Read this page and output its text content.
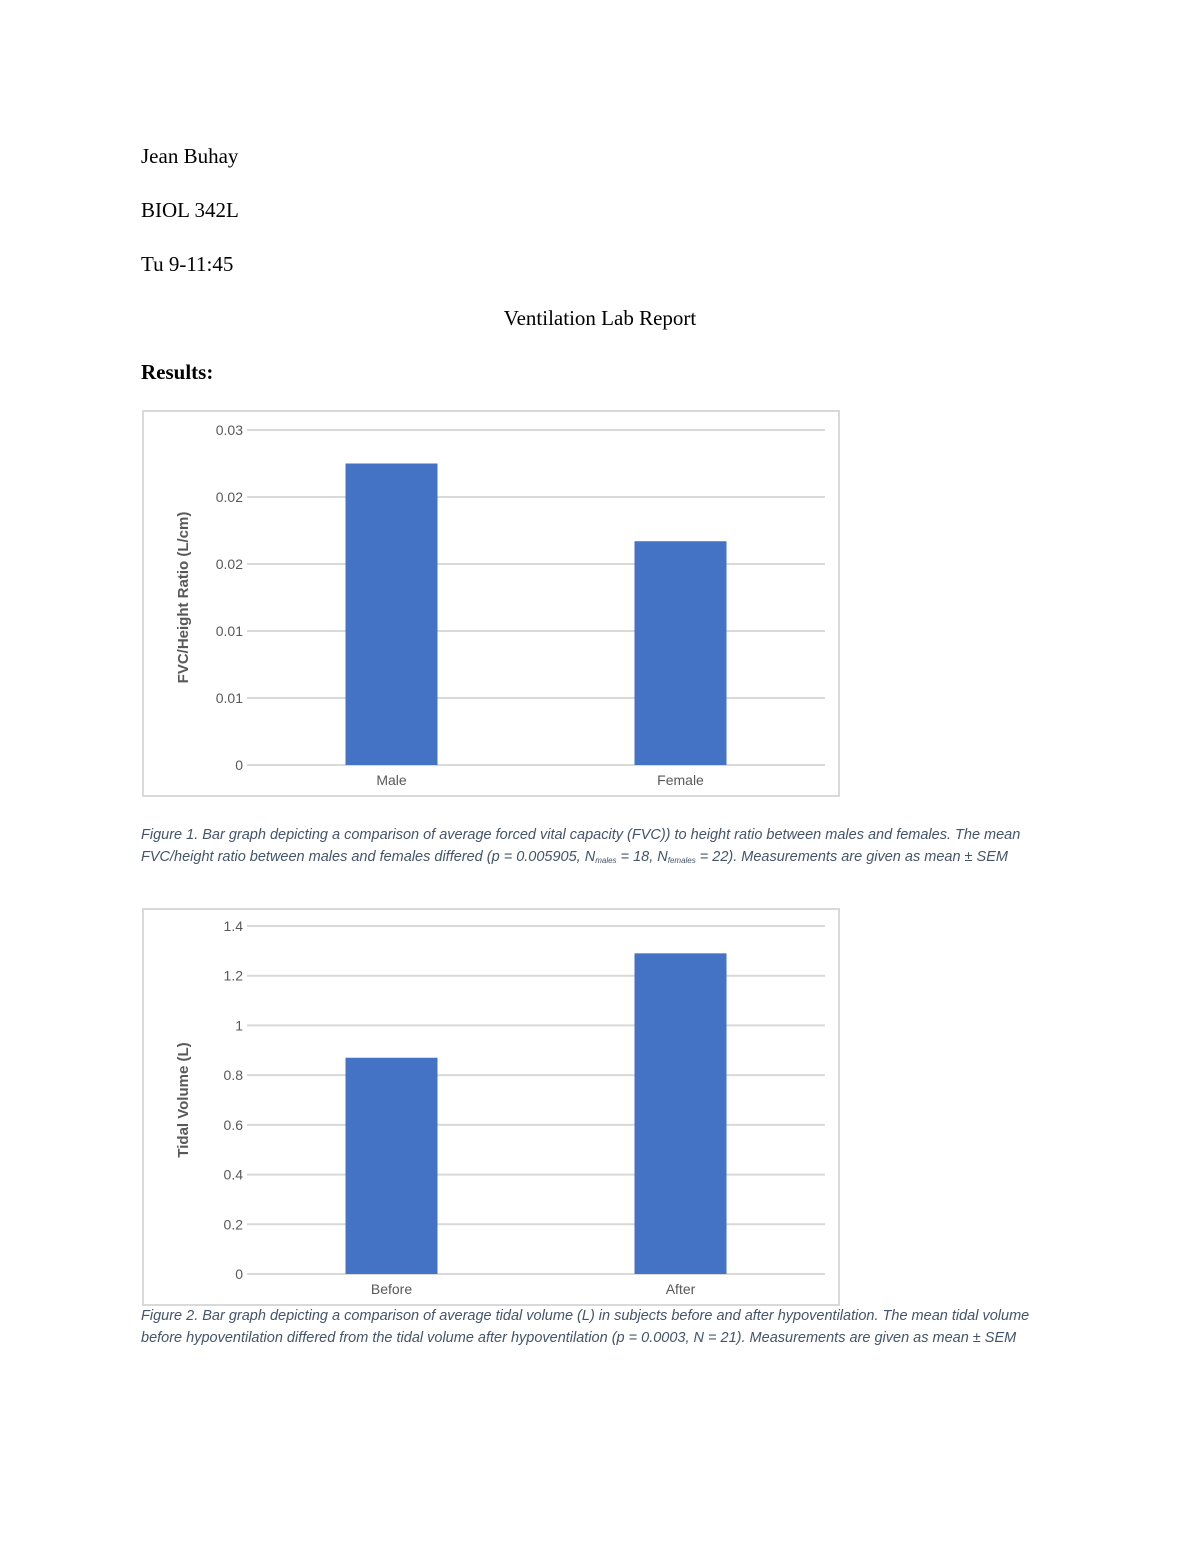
Jean Buhay
BIOL 342L
Tu 9-11:45
Ventilation Lab Report
Results:
0
0.01
0.01
0.02
0.02
0.03
Male	Female
FVC/Height Ratio (L/cm)
Figure 1. Bar graph depicting a comparison of average forced vital capacity (FVC)) to height ratio between males and females. The mean FVC/height ratio between males and females differed (p = 0.005905, $N_{males} = 18$, $N_{females} = 22$). Measurements are given as mean ± SEM
0
0.2
0.4
0.6
0.8
1
1.2
1.4
Before	After
Tidal Volume (L)
Figure 2. Bar graph depicting a comparison of average tidal volume (L) in subjects before and after hypoventilation. The mean tidal volume before hypoventilation differed from the tidal volume after hypoventilation (p = 0.0003, N = 21). Measurements are given as mean ± SEM
